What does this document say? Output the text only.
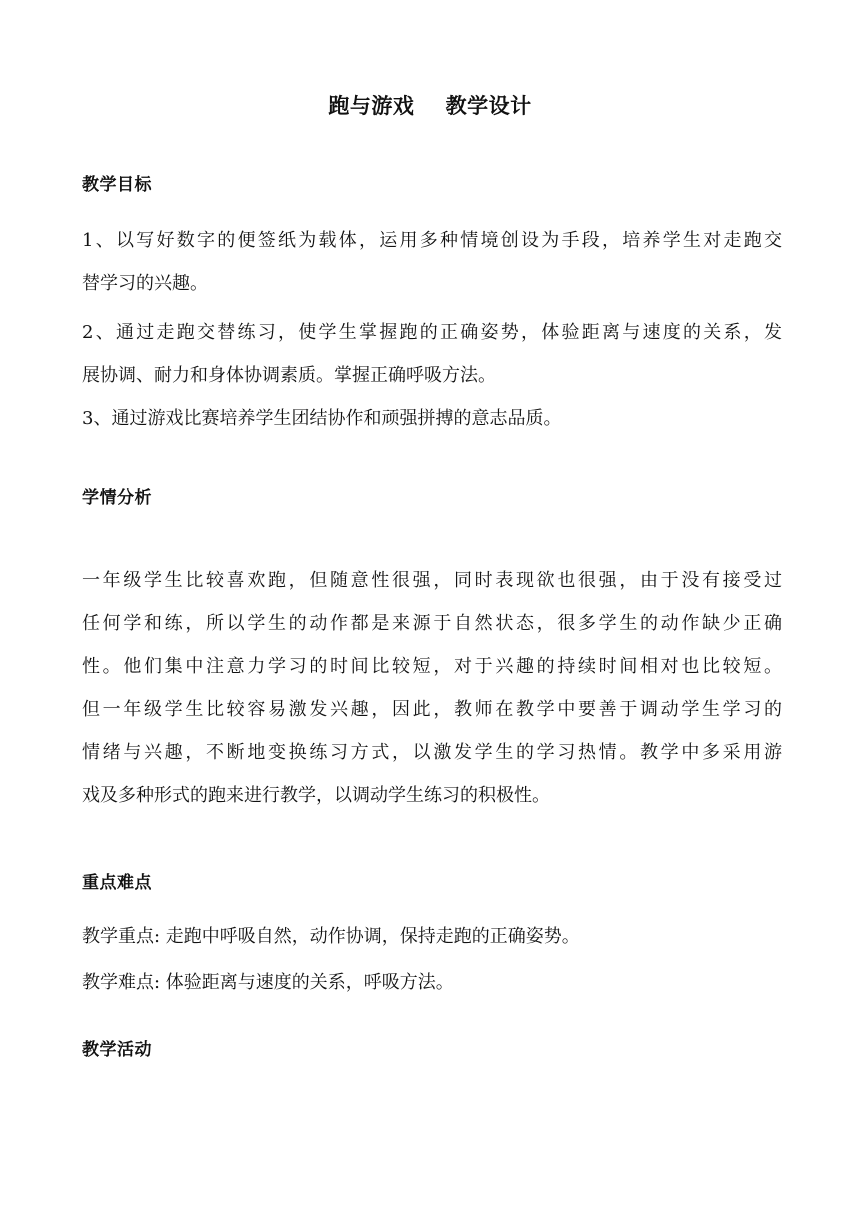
跑与游戏    教学设计
教学目标
1、以写好数字的便签纸为载体，运用多种情境创设为手段，培养学生对走跑交
替学习的兴趣。
2、通过走跑交替练习，使学生掌握跑的正确姿势，体验距离与速度的关系，发
展协调、耐力和身体协调素质。掌握正确呼吸方法。
3、通过游戏比赛培养学生团结协作和顽强拼搏的意志品质。
学情分析
一年级学生比较喜欢跑，但随意性很强，同时表现欲也很强，由于没有接受过
任何学和练，所以学生的动作都是来源于自然状态，很多学生的动作缺少正确
性。他们集中注意力学习的时间比较短，对于兴趣的持续时间相对也比较短。
但一年级学生比较容易激发兴趣，因此，教师在教学中要善于调动学生学习的
情绪与兴趣，不断地变换练习方式，以激发学生的学习热情。教学中多采用游
戏及多种形式的跑来进行教学，以调动学生练习的积极性。
重点难点
教学重点: 走跑中呼吸自然，动作协调，保持走跑的正确姿势。
教学难点: 体验距离与速度的关系，呼吸方法。
教学活动
